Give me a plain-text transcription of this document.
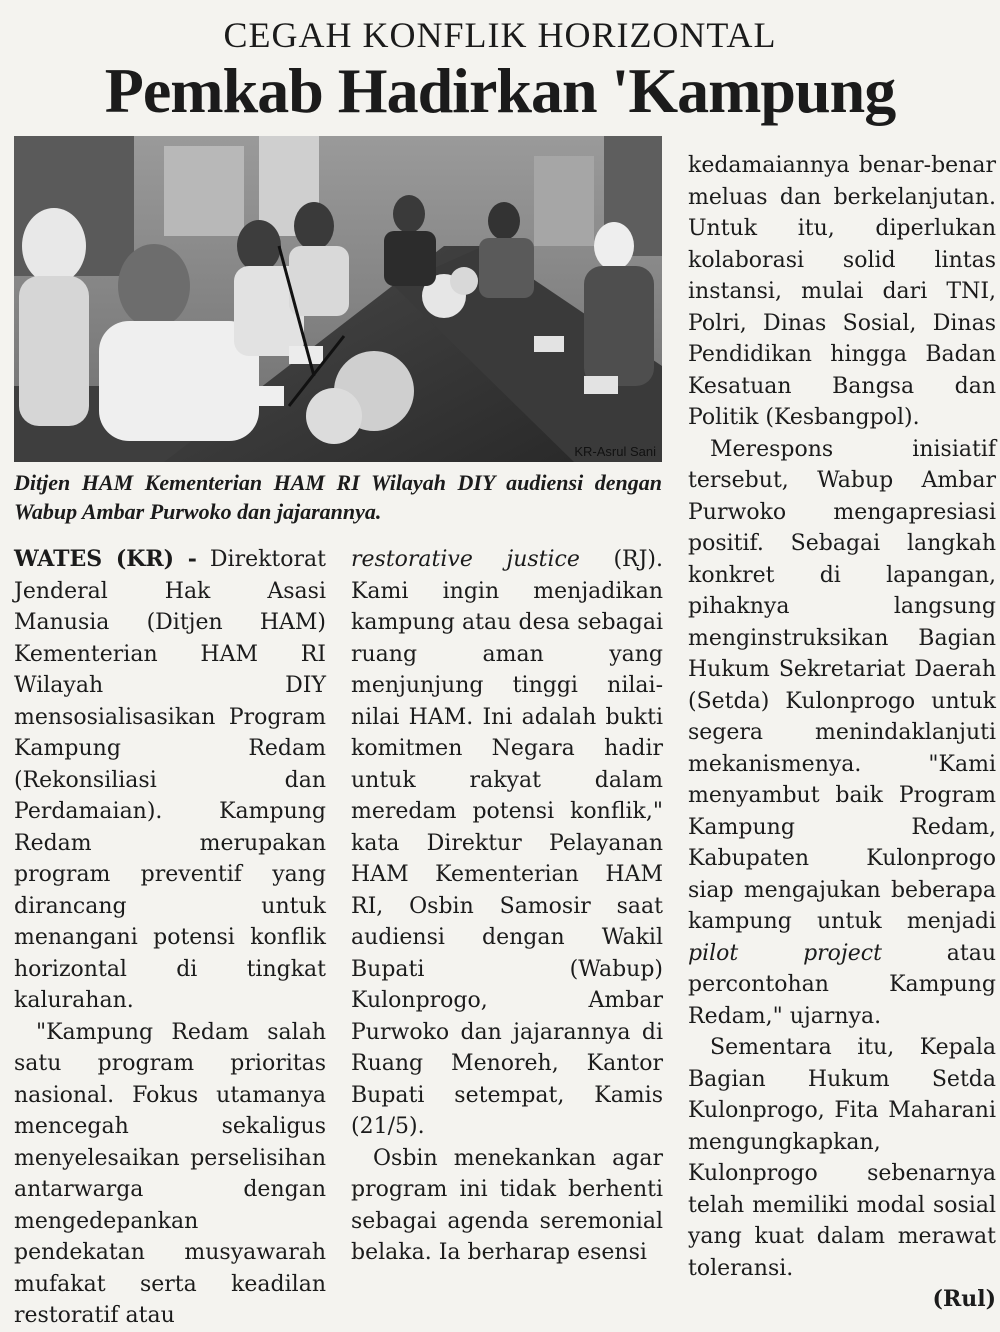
CEGAH KONFLIK HORIZONTAL
Pemkab Hadirkan 'Kampung
KR-Asrul Sani
Ditjen HAM Kementerian HAM RI Wilayah DIY audiensi dengan Wabup Ambar Purwoko dan jajarannya.

WATES (KR) - Direktorat Jenderal Hak Asasi Manusia (Ditjen HAM) Kementerian HAM RI Wilayah DIY mensosialisasikan Program Kampung Redam (Rekonsiliasi dan Perdamaian). Kampung Redam merupakan program preventif yang dirancang untuk menangani potensi konflik horizontal di tingkat kalurahan.

"Kampung Redam salah satu program prioritas nasional. Fokus utamanya mencegah sekaligus menyelesaikan perselisihan antarwarga dengan mengedepankan pendekatan musyawarah mufakat serta keadilan restoratif atau

restorative justice (RJ). Kami ingin menjadikan kampung atau desa sebagai ruang aman yang menjunjung tinggi nilai-nilai HAM. Ini adalah bukti komitmen Negara hadir untuk rakyat dalam meredam potensi konflik," kata Direktur Pelayanan HAM Kementerian HAM RI, Osbin Samosir saat audiensi dengan Wakil Bupati (Wabup) Kulonprogo, Ambar Purwoko dan jajarannya di Ruang Menoreh, Kantor Bupati setempat, Kamis (21/5).

Osbin menekankan agar program ini tidak berhenti sebagai agenda seremonial belaka. Ia berharap esensi

kedamaiannya benar-benar meluas dan berkelanjutan. Untuk itu, diperlukan kolaborasi solid lintas instansi, mulai dari TNI, Polri, Dinas Sosial, Dinas Pendidikan hingga Badan Kesatuan Bangsa dan Politik (Kesbangpol).

Merespons inisiatif tersebut, Wabup Ambar Purwoko mengapresiasi positif. Sebagai langkah konkret di lapangan, pihaknya langsung menginstruksikan Bagian Hukum Sekretariat Daerah (Setda) Kulonprogo untuk segera menindaklanjuti mekanismenya. "Kami menyambut baik Program Kampung Redam, Kabupaten Kulonprogo siap mengajukan beberapa kampung untuk menjadi pilot project atau percontohan Kampung Redam," ujarnya.

Sementara itu, Kepala Bagian Hukum Setda Kulonprogo, Fita Maharani mengungkapkan, Kulonprogo sebenarnya telah memiliki modal sosial yang kuat dalam merawat toleransi.

(Rul)
